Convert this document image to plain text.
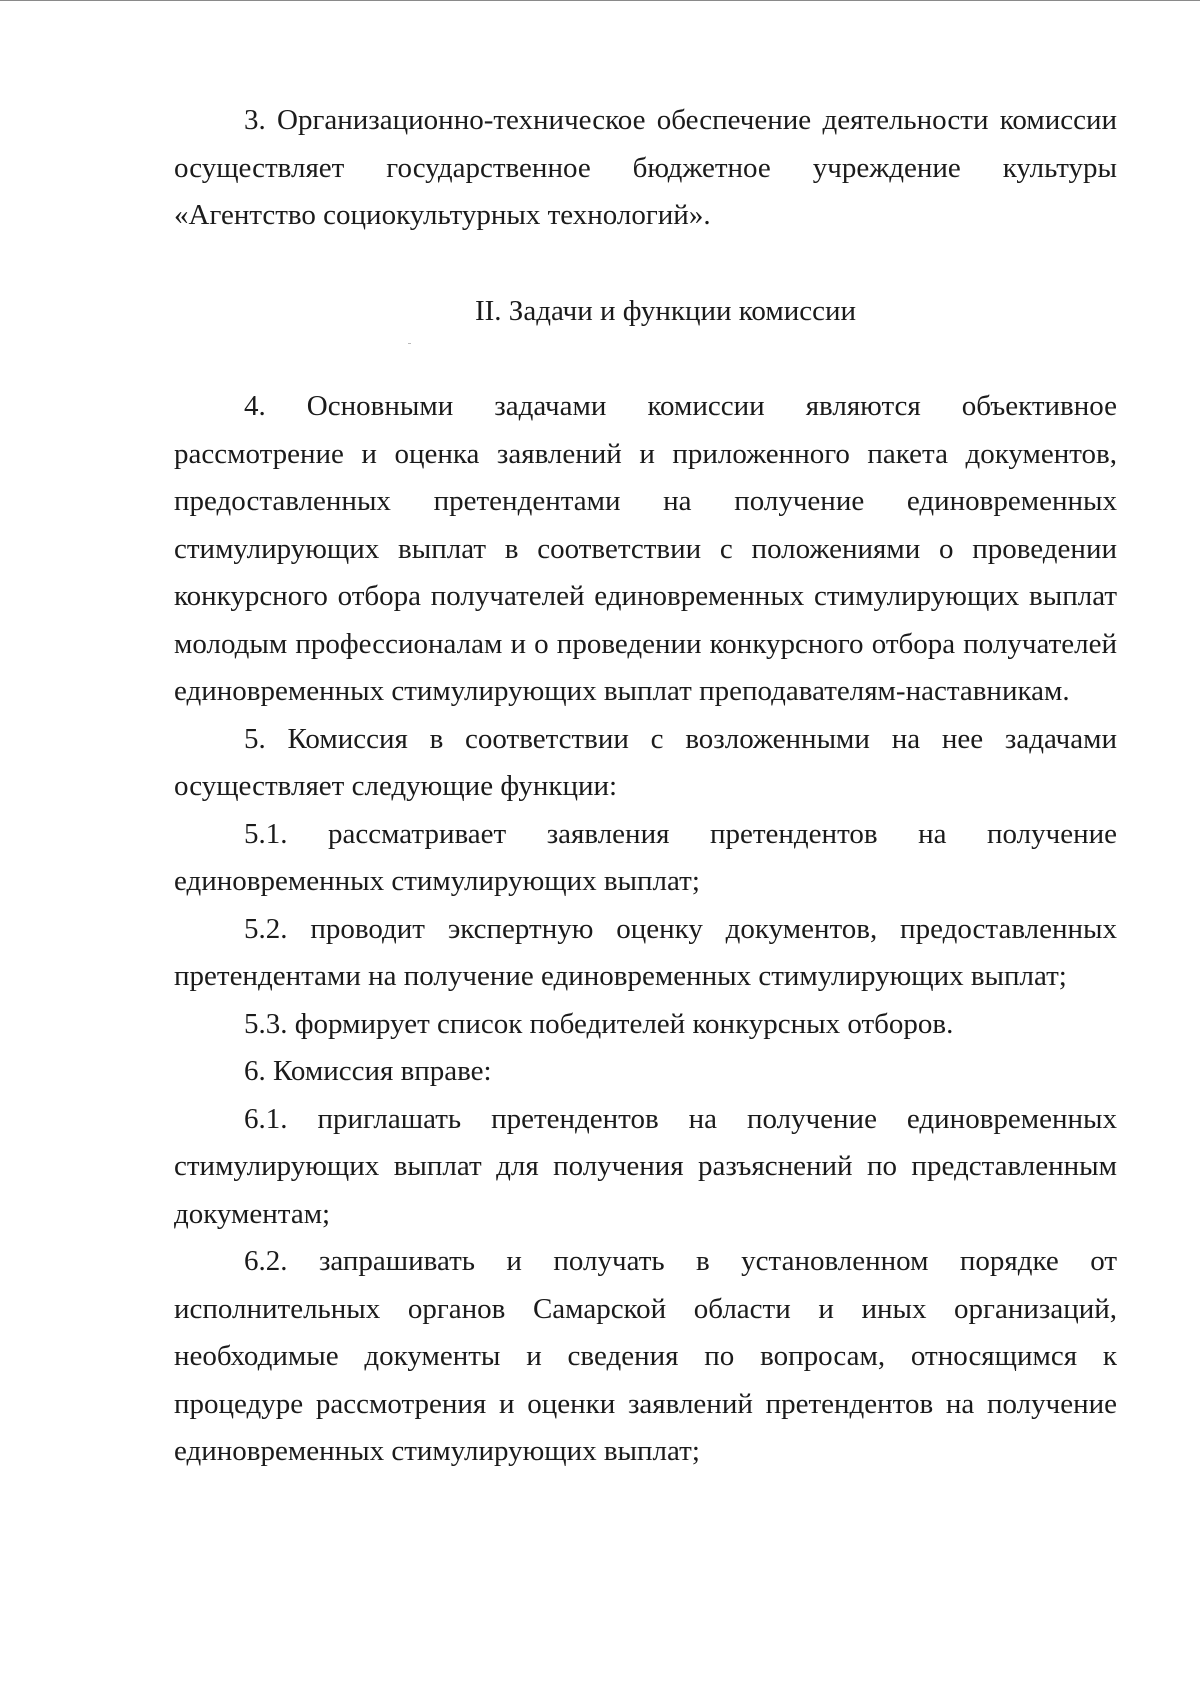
3. Организационно-техническое обеспечение деятельности комиссии осуществляет государственное бюджетное учреждение культуры «Агентство социокультурных технологий».

II. Задачи и функции комиссии

4. Основными задачами комиссии являются объективное рассмотрение и оценка заявлений и приложенного пакета документов, предоставленных претендентами на получение единовременных стимулирующих выплат в соответствии с положениями о проведении конкурсного отбора получателей единовременных стимулирующих выплат молодым профессионалам и о проведении конкурсного отбора получателей единовременных стимулирующих выплат преподавателям-наставникам.

5. Комиссия в соответствии с возложенными на нее задачами осуществляет следующие функции:

5.1. рассматривает заявления претендентов на получение единовременных стимулирующих выплат;

5.2. проводит экспертную оценку документов, предоставленных претендентами на получение единовременных стимулирующих выплат;

5.3. формирует список победителей конкурсных отборов.

6. Комиссия вправе:

6.1. приглашать претендентов на получение единовременных стимулирующих выплат для получения разъяснений по представленным документам;

6.2. запрашивать и получать в установленном порядке от исполнительных органов Самарской области и иных организаций, необходимые документы и сведения по вопросам, относящимся к процедуре рассмотрения и оценки заявлений претендентов на получение единовременных стимулирующих выплат;
